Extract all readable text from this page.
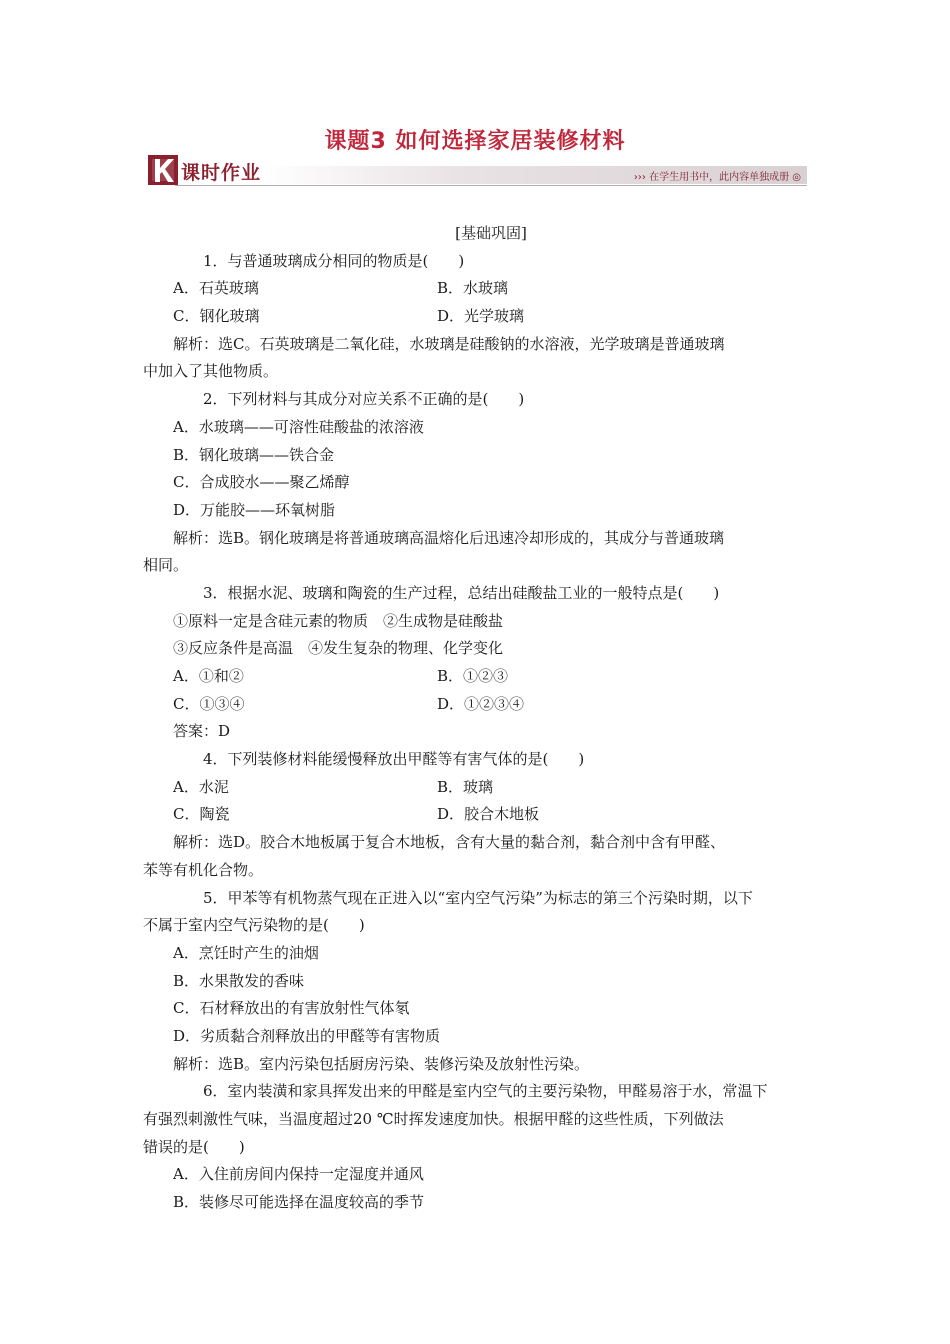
课题3 如何选择家居装修材料
课时作业	››› 在学生用书中，此内容单独成册 ◎
[基础巩固]
1．与普通玻璃成分相同的物质是(　　)
A．石英玻璃	B．水玻璃
C．钢化玻璃	D．光学玻璃
解析：选C。石英玻璃是二氧化硅，水玻璃是硅酸钠的水溶液，光学玻璃是普通玻璃
中加入了其他物质。
2．下列材料与其成分对应关系不正确的是(　　)
A．水玻璃——可溶性硅酸盐的浓溶液
B．钢化玻璃——铁合金
C．合成胶水——聚乙烯醇
D．万能胶——环氧树脂
解析：选B。钢化玻璃是将普通玻璃高温熔化后迅速冷却形成的，其成分与普通玻璃
相同。
3．根据水泥、玻璃和陶瓷的生产过程，总结出硅酸盐工业的一般特点是(　　)
①原料一定是含硅元素的物质　②生成物是硅酸盐
③反应条件是高温　④发生复杂的物理、化学变化
A．①和②	B．①②③
C．①③④	D．①②③④
答案：D
4．下列装修材料能缓慢释放出甲醛等有害气体的是(　　)
A．水泥	B．玻璃
C．陶瓷	D．胶合木地板
解析：选D。胶合木地板属于复合木地板，含有大量的黏合剂，黏合剂中含有甲醛、
苯等有机化合物。
5．甲苯等有机物蒸气现在正进入以“室内空气污染”为标志的第三个污染时期，以下
不属于室内空气污染物的是(　　)
A．烹饪时产生的油烟
B．水果散发的香味
C．石材释放出的有害放射性气体氡
D．劣质黏合剂释放出的甲醛等有害物质
解析：选B。室内污染包括厨房污染、装修污染及放射性污染。
6．室内装潢和家具挥发出来的甲醛是室内空气的主要污染物，甲醛易溶于水，常温下
有强烈刺激性气味，当温度超过20 ℃时挥发速度加快。根据甲醛的这些性质，下列做法
错误的是(　　)
A．入住前房间内保持一定湿度并通风
B．装修尽可能选择在温度较高的季节
